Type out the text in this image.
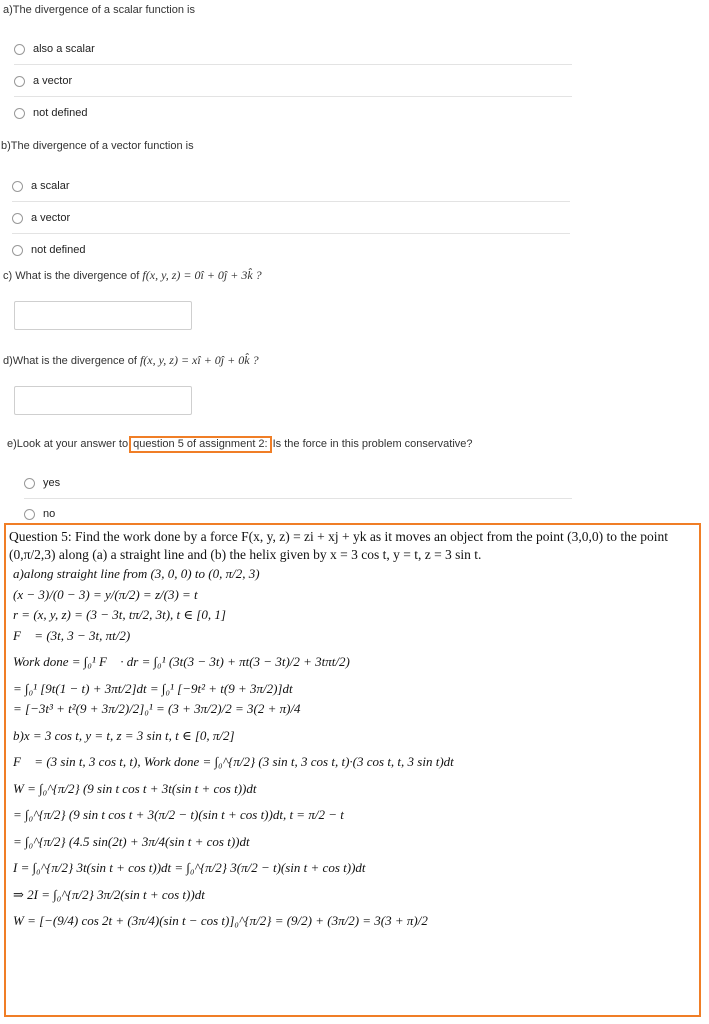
a)The divergence of a scalar function is
also a scalar
a vector
not defined
b)The divergence of a vector function is
a scalar
a vector
not defined
c) What is the divergence of f(x, y, z) = 0î + 0ĵ + 3k̂ ?
d)What is the divergence of f(x, y, z) = xî + 0ĵ + 0k̂ ?
e)Look at your answer to question 5 of assignment 2: Is the force in this problem conservative?
yes
no
Question 5: Find the work done by a force F(x, y, z) = zi + xj + yk as it moves an object from the point (3,0,0) to the point (0,π/2,3) along (a) a straight line and (b) the helix given by x = 3 cos t, y = t, z = 3 sin t.
a)along straight line from (3, 0, 0) to (0, π/2, 3)
(x − 3)/(0 − 3) = y/(π/2) = z/(3) = t
r = (x, y, z) = (3 − 3t, tπ/2, 3t), t ∈ [0, 1]
F⃗ = (3t, 3 − 3t, πt/2)
Work done = ∫₀¹ F⃗ · dr = ∫₀¹ (3t(3 − 3t) + πt(3 − 3t)/2 + 3tπt/2)
= ∫₀¹ [9t(1 − t) + 3πt/2]dt = ∫₀¹ [−9t² + t(9 + 3π/2)]dt
= [−3t³ + t²(9 + 3π/2)/2]₀¹ = (3 + 3π/2)/2 = 3(2 + π)/4
b)x = 3 cos t, y = t, z = 3 sin t, t ∈ [0, π/2]
F⃗ = (3 sin t, 3 cos t, t), Work done = ∫₀^{π/2} (3 sin t, 3 cos t, t)·(3 cos t, t, 3 sin t)dt
W = ∫₀^{π/2} (9 sin t cos t + 3t(sin t + cos t))dt
= ∫₀^{π/2} (9 sin t cos t + 3(π/2 − t)(sin t + cos t))dt, t = π/2 − t
= ∫₀^{π/2} (4.5 sin(2t) + 3π/4(sin t + cos t))dt
I = ∫₀^{π/2} 3t(sin t + cos t))dt = ∫₀^{π/2} 3(π/2 − t)(sin t + cos t))dt
⇒ 2I = ∫₀^{π/2} 3π/2(sin t + cos t))dt
W = [−(9/4) cos 2t + (3π/4)(sin t − cos t)]₀^{π/2} = (9/2) + (3π/2) = 3(3 + π)/2
